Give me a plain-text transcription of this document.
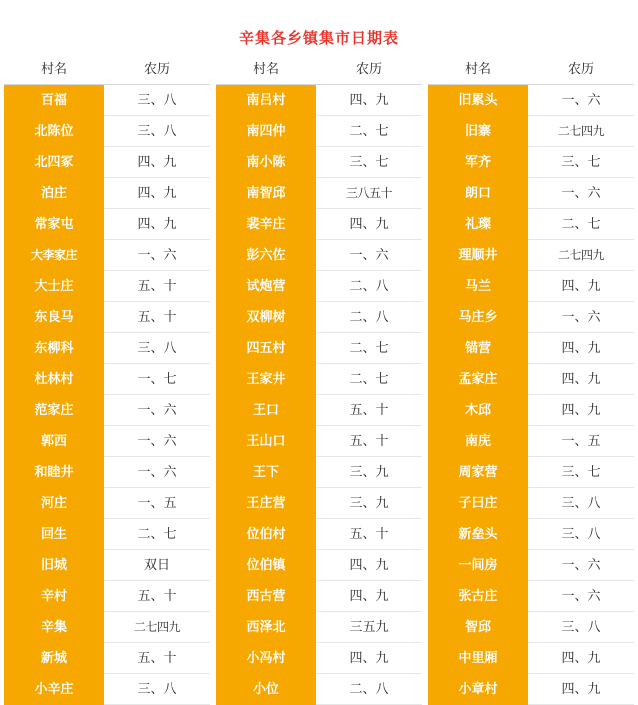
辛集各乡镇集市日期表
村名
百福
北陈位
北四冢
泊庄
常家屯
大李家庄
大士庄
东良马
东柳科
杜林村
范家庄
郭西
和睦井
河庄
回生
旧城
辛村
辛集
新城
小辛庄
农历
三、八
三、八
四、九
四、九
四、九
一、六
五、十
五、十
三、八
一、七
一、六
一、六
一、六
一、五
二、七
双日
五、十
二七四九
五、十
三、八
村名
南吕村
南四仲
南小陈
南智邱
裴辛庄
彭六佐
试炮营
双柳树
四五村
王家井
王口
王山口
王下
王庄营
位伯村
位伯镇
西古营
西泽北
小冯村
小位
农历
四、九
二、七
三、七
三八五十
四、九
一、六
二、八
二、八
二、七
二、七
五、十
五、十
三、九
三、九
五、十
四、九
四、九
三五九
四、九
二、八
村名
旧累头
旧寨
军齐
朗口
礼璨
理顺井
马兰
马庄乡
锚营
孟家庄
木邱
南庑
周家营
子曰庄
新垒头
一间房
张古庄
智邱
中里厢
小章村
农历
一、六
二七四九
三、七
一、六
二、七
二七四九
四、九
一、六
四、九
四、九
四、九
一、五
三、七
三、八
三、八
一、六
一、六
三、八
四、九
四、九
